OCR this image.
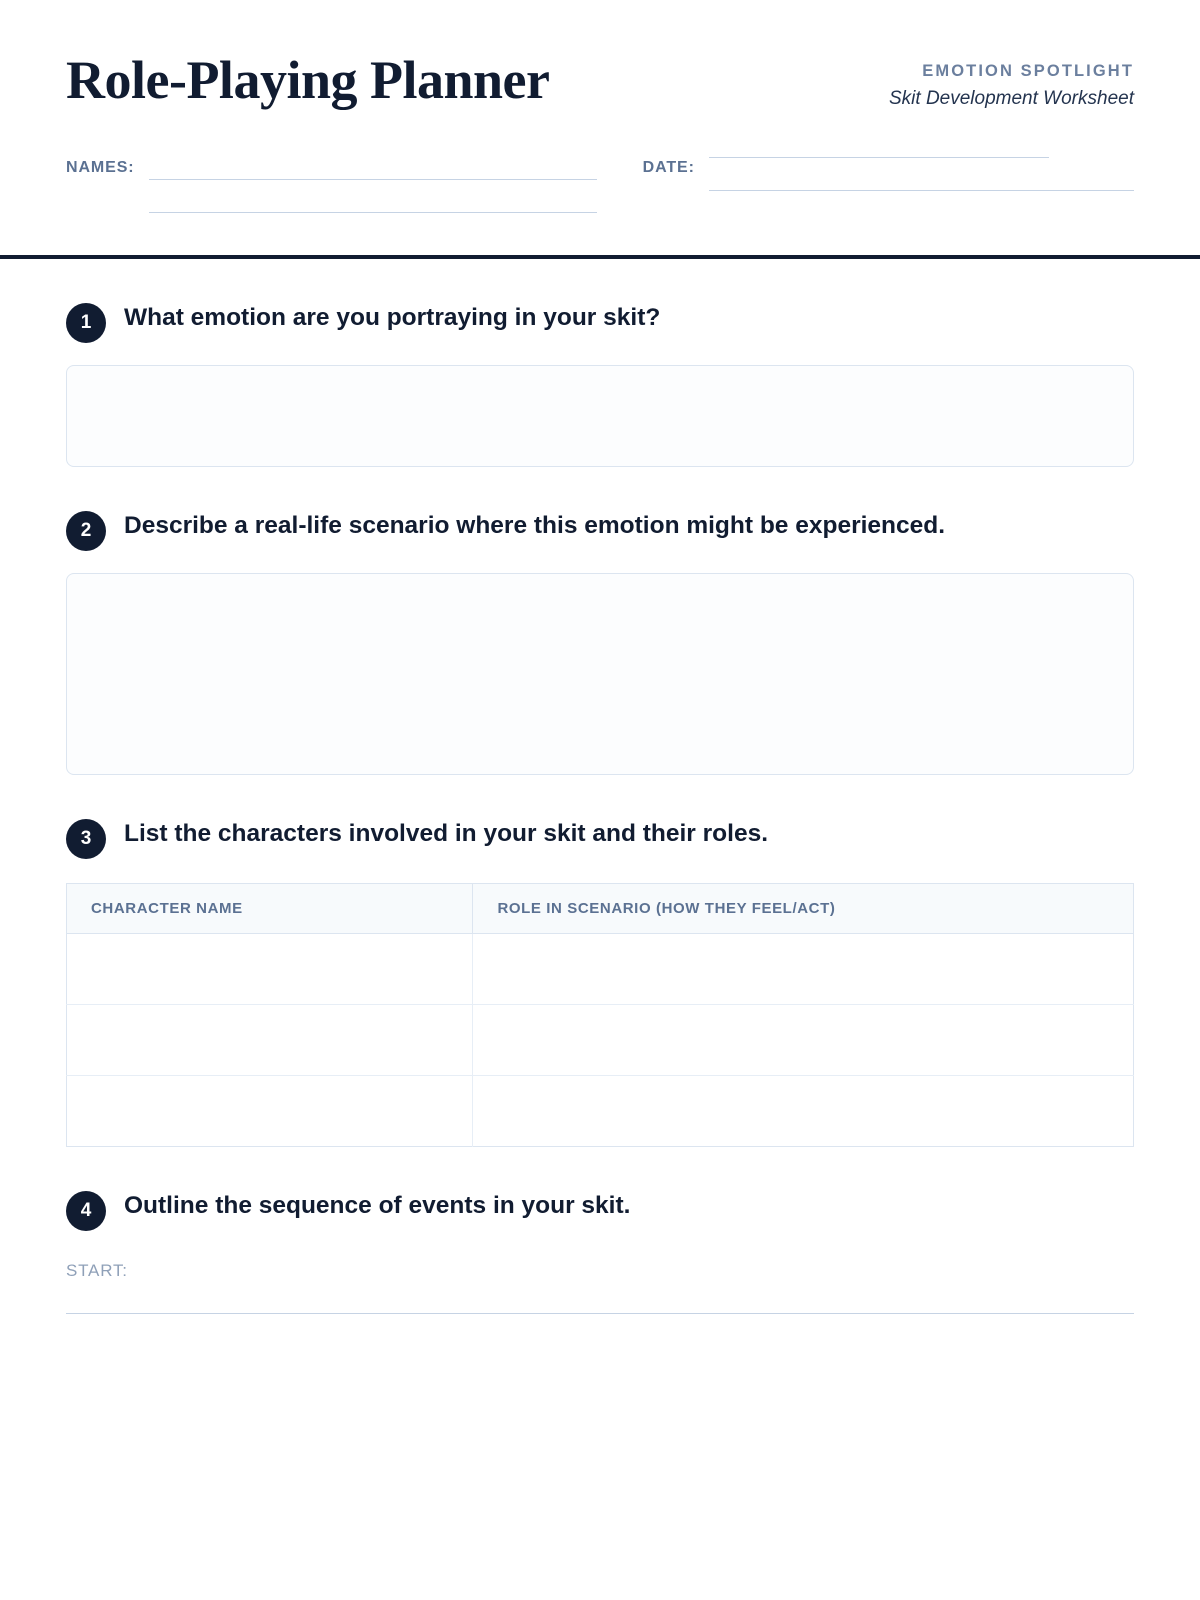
Role-Playing Planner	EMOTION SPOTLIGHT
Skit Development Worksheet
NAMES:	DATE:
1	What emotion are you portraying in your skit?
2	Describe a real-life scenario where this emotion might be experienced.
3	List the characters involved in your skit and their roles.
CHARACTER NAME	ROLE IN SCENARIO (HOW THEY FEEL/ACT)

4	Outline the sequence of events in your skit.
START:
